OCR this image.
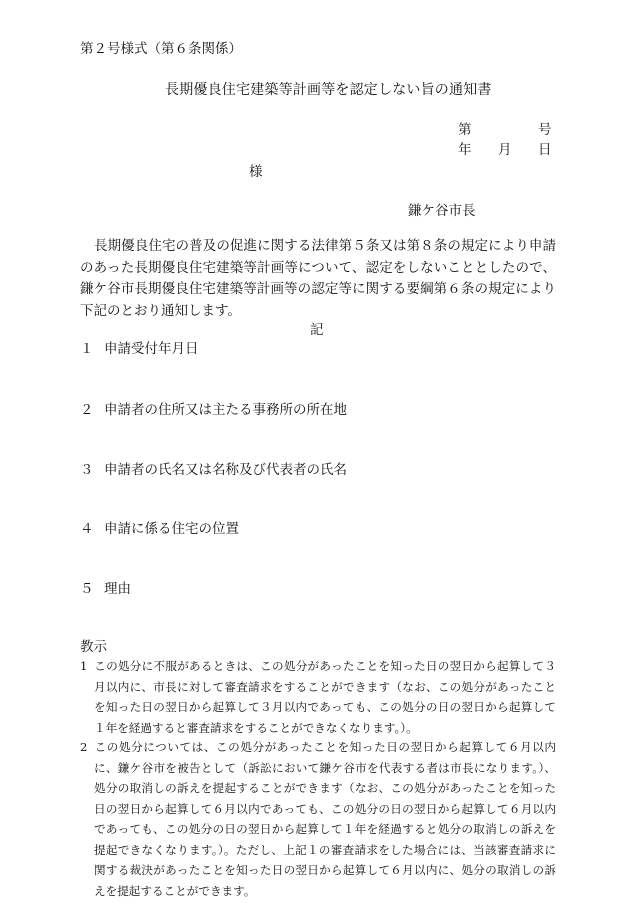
第２号様式（第６条関係）
長期優良住宅建築等計画等を認定しない旨の通知書
第	号
年 月 日
様
鎌ケ谷市長
長期優良住宅の普及の促進に関する法律第５条又は第８条の規定により申請のあった長期優良住宅建築等計画等について、認定をしないこととしたので、鎌ケ谷市長期優良住宅建築等計画等の認定等に関する要綱第６条の規定により下記のとおり通知します。
記
１ 申請受付年月日
２ 申請者の住所又は主たる事務所の所在地
３ 申請者の氏名又は名称及び代表者の氏名
４ 申請に係る住宅の位置
５ 理由
教示
1 この処分に不服があるときは、この処分があったことを知った日の翌日から起算して３月以内に、市長に対して審査請求をすることができます（なお、この処分があったことを知った日の翌日から起算して３月以内であっても、この処分の日の翌日から起算して１年を経過すると審査請求をすることができなくなります。）。
2 この処分については、この処分があったことを知った日の翌日から起算して６月以内に、鎌ケ谷市を被告として（訴訟において鎌ケ谷市を代表する者は市長になります。）、処分の取消しの訴えを提起することができます（なお、この処分があったことを知った日の翌日から起算して６月以内であっても、この処分の日の翌日から起算して６月以内であっても、この処分の日の翌日から起算して１年を経過すると処分の取消しの訴えを提起できなくなります。）。ただし、上記１の審査請求をした場合には、当該審査請求に関する裁決があったことを知った日の翌日から起算して６月以内に、処分の取消しの訴えを提起することができます。
